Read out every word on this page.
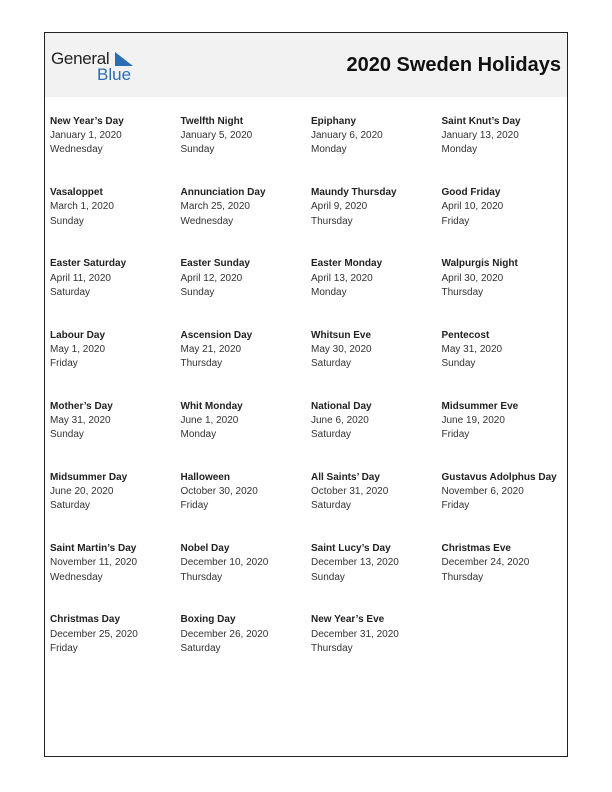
General
Blue	2020 Sweden Holidays
New Year’s Day
January 1, 2020
Wednesday
Twelfth Night
January 5, 2020
Sunday
Epiphany
January 6, 2020
Monday
Saint Knut’s Day
January 13, 2020
Monday
Vasaloppet
March 1, 2020
Sunday
Annunciation Day
March 25, 2020
Wednesday
Maundy Thursday
April 9, 2020
Thursday
Good Friday
April 10, 2020
Friday
Easter Saturday
April 11, 2020
Saturday
Easter Sunday
April 12, 2020
Sunday
Easter Monday
April 13, 2020
Monday
Walpurgis Night
April 30, 2020
Thursday
Labour Day
May 1, 2020
Friday
Ascension Day
May 21, 2020
Thursday
Whitsun Eve
May 30, 2020
Saturday
Pentecost
May 31, 2020
Sunday
Mother’s Day
May 31, 2020
Sunday
Whit Monday
June 1, 2020
Monday
National Day
June 6, 2020
Saturday
Midsummer Eve
June 19, 2020
Friday
Midsummer Day
June 20, 2020
Saturday
Halloween
October 30, 2020
Friday
All Saints’ Day
October 31, 2020
Saturday
Gustavus Adolphus Day
November 6, 2020
Friday
Saint Martin’s Day
November 11, 2020
Wednesday
Nobel Day
December 10, 2020
Thursday
Saint Lucy’s Day
December 13, 2020
Sunday
Christmas Eve
December 24, 2020
Thursday
Christmas Day
December 25, 2020
Friday
Boxing Day
December 26, 2020
Saturday
New Year’s Eve
December 31, 2020
Thursday
